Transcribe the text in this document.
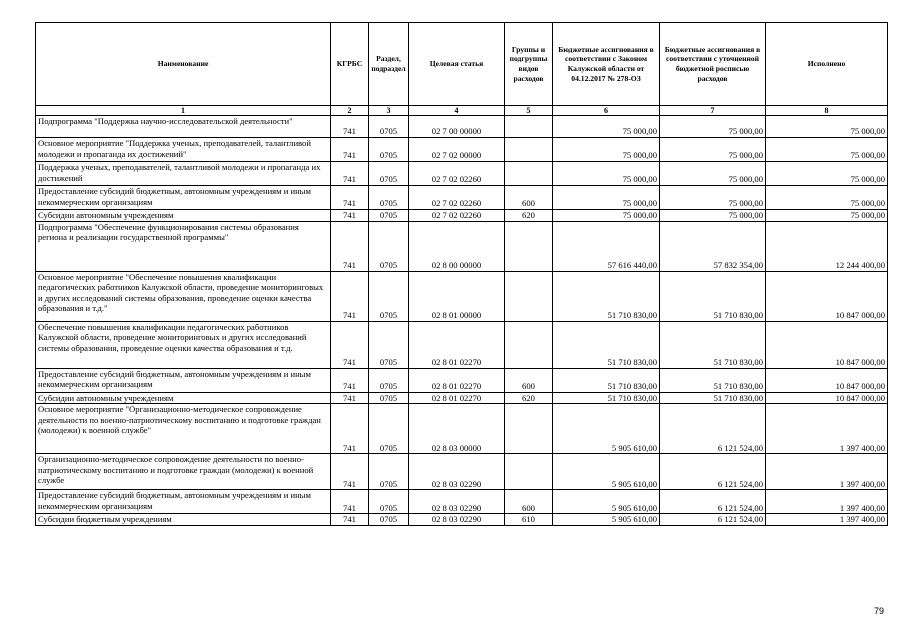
Наименование	КГРБС	Раздел, подраздел	Целевая статья	Группы и подгруппы видов расходов	Бюджетные ассигнования в соответствии с Законом Калужской области от 04.12.2017 № 278-ОЗ	Бюджетные ассигнования в соответствии с уточненной бюджетной росписью расходов	Исполнено
1	2	3	4	5	6	7	8
Подпрограмма "Поддержка научно-исследовательской деятельности"	741	0705	02 7 00 00000		75 000,00	75 000,00	75 000,00
Основное мероприятие "Поддержка ученых, преподавателей, талантливой молодежи и пропаганда их достижений"	741	0705	02 7 02 00000		75 000,00	75 000,00	75 000,00
Поддержка ученых, преподавателей, талантливой молодежи и пропаганда их достижений	741	0705	02 7 02 02260		75 000,00	75 000,00	75 000,00
Предоставление субсидий бюджетным, автономным учреждениям и иным некоммерческим организациям	741	0705	02 7 02 02260	600	75 000,00	75 000,00	75 000,00
Субсидии автономным учреждениям	741	0705	02 7 02 02260	620	75 000,00	75 000,00	75 000,00
Подпрограмма "Обеспечение функционирования системы образования региона и реализации государственной программы"	741	0705	02 8 00 00000		57 616 440,00	57 832 354,00	12 244 400,00
Основное мероприятие "Обеспечение повышения квалификации педагогических работников Калужской области, проведение мониторинговых и других исследований системы образования, проведение оценки качества образования и т.д."	741	0705	02 8 01 00000		51 710 830,00	51 710 830,00	10 847 000,00
Обеспечение повышения квалификации педагогических работников Калужской области, проведение мониторинговых и других исследований системы образования, проведение оценки качества образования и т.д.	741	0705	02 8 01 02270		51 710 830,00	51 710 830,00	10 847 000,00
Предоставление субсидий бюджетным, автономным учреждениям и иным некоммерческим организациям	741	0705	02 8 01 02270	600	51 710 830,00	51 710 830,00	10 847 000,00
Субсидии автономным учреждениям	741	0705	02 8 01 02270	620	51 710 830,00	51 710 830,00	10 847 000,00
Основное мероприятие "Организационно-методическое сопровождение деятельности по военно-патриотическому воспитанию и подготовке граждан (молодежи) к военной службе"	741	0705	02 8 03 00000		5 905 610,00	6 121 524,00	1 397 400,00
Организационно-методическое сопровождение деятельности по военно-патриотическому воспитанию и подготовке граждан (молодежи) к военной службе	741	0705	02 8 03 02290		5 905 610,00	6 121 524,00	1 397 400,00
Предоставление субсидий бюджетным, автономным учреждениям и иным некоммерческим организациям	741	0705	02 8 03 02290	600	5 905 610,00	6 121 524,00	1 397 400,00
Субсидии бюджетным учреждениям	741	0705	02 8 03 02290	610	5 905 610,00	6 121 524,00	1 397 400,00
79
